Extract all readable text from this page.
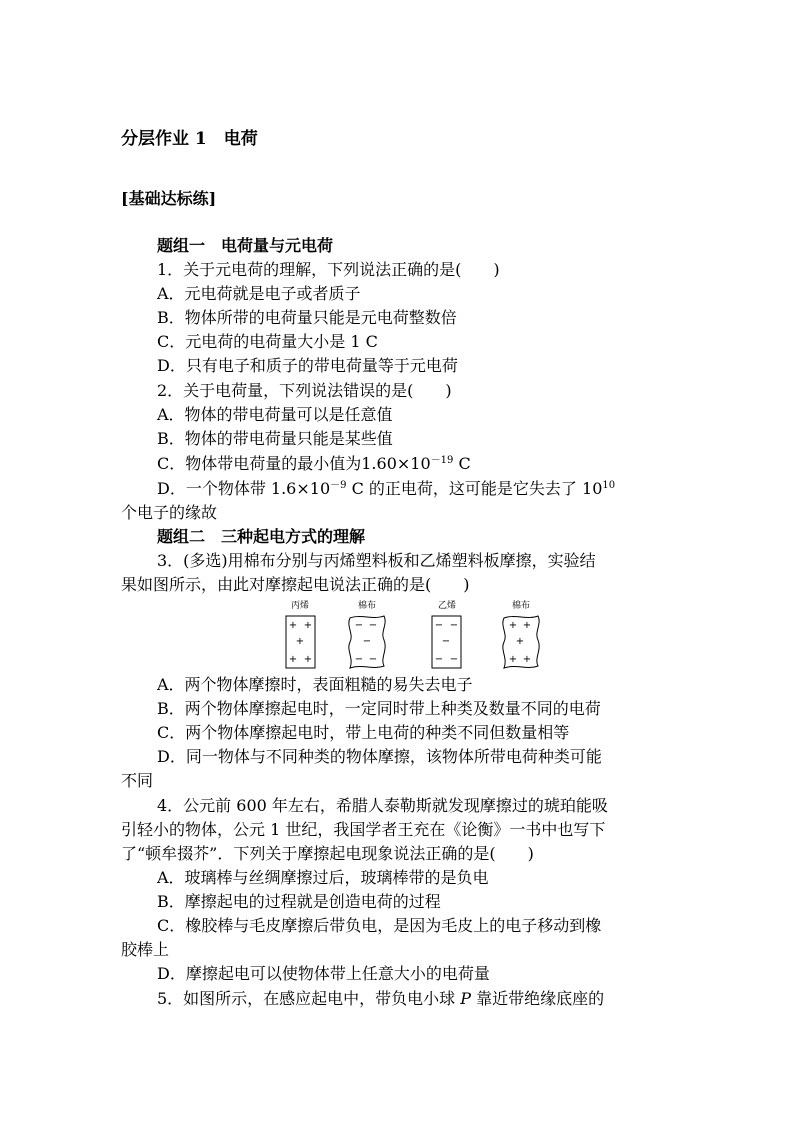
分层作业 1　电荷
[基础达标练]
题组一　电荷量与元电荷
1．关于元电荷的理解，下列说法正确的是(　　)
A．元电荷就是电子或者质子
B．物体所带的电荷量只能是元电荷整数倍
C．元电荷的电荷量大小是 1 C
D．只有电子和质子的带电荷量等于元电荷
2．关于电荷量，下列说法错误的是(　　)
A．物体的带电荷量可以是任意值
B．物体的带电荷量只能是某些值
C．物体带电荷量的最小值为$1.60\times 10^{-19}$ C
D．一个物体带 $1.6\times 10^{-9}$ C 的正电荷，这可能是它失去了 $10^{10}$
个电子的缘故
题组二　三种起电方式的理解
3．(多选)用棉布分别与丙烯塑料板和乙烯塑料板摩擦，实验结
果如图所示，由此对摩擦起电说法正确的是(　　)
丙烯	棉布	乙烯	棉布
+ +
+
+ +
− −
−
− −
− −
−
− −
+ +
+
+ +
A．两个物体摩擦时，表面粗糙的易失去电子
B．两个物体摩擦起电时，一定同时带上种类及数量不同的电荷
C．两个物体摩擦起电时，带上电荷的种类不同但数量相等
D．同一物体与不同种类的物体摩擦，该物体所带电荷种类可能
不同
4．公元前 600 年左右，希腊人泰勒斯就发现摩擦过的琥珀能吸
引轻小的物体，公元 1 世纪，我国学者王充在《论衡》一书中也写下
了“顿牟掇芥”．下列关于摩擦起电现象说法正确的是(　　)
A．玻璃棒与丝绸摩擦过后，玻璃棒带的是负电
B．摩擦起电的过程就是创造电荷的过程
C．橡胶棒与毛皮摩擦后带负电，是因为毛皮上的电子移动到橡
胶棒上
D．摩擦起电可以使物体带上任意大小的电荷量
5．如图所示，在感应起电中，带负电小球 P 靠近带绝缘底座的
